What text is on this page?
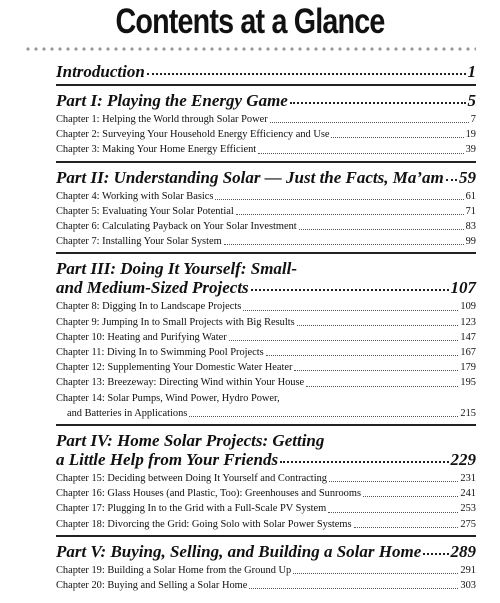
Contents at a Glance
Introduction	1
Part I: Playing the Energy Game	5
Chapter 1: Helping the World through Solar Power	7
Chapter 2: Surveying Your Household Energy Efficiency and Use	19
Chapter 3: Making Your Home Energy Efficient	39
Part II: Understanding Solar — Just the Facts, Ma’am 59
Chapter 4: Working with Solar Basics	61
Chapter 5: Evaluating Your Solar Potential	71
Chapter 6: Calculating Payback on Your Solar Investment	83
Chapter 7: Installing Your Solar System	99
Part III: Doing It Yourself: Small-
and Medium-Sized Projects	107
Chapter 8: Digging In to Landscape Projects	109
Chapter 9: Jumping In to Small Projects with Big Results	123
Chapter 10: Heating and Purifying Water	147
Chapter 11: Diving In to Swimming Pool Projects	167
Chapter 12: Supplementing Your Domestic Water Heater	179
Chapter 13: Breezeway: Directing Wind within Your House	195
Chapter 14: Solar Pumps, Wind Power, Hydro Power,
and Batteries in Applications	215
Part IV: Home Solar Projects: Getting
a Little Help from Your Friends	229
Chapter 15: Deciding between Doing It Yourself and Contracting	231
Chapter 16: Glass Houses (and Plastic, Too): Greenhouses and Sunrooms	241
Chapter 17: Plugging In to the Grid with a Full-Scale PV System	253
Chapter 18: Divorcing the Grid: Going Solo with Solar Power Systems	275
Part V: Buying, Selling, and Building a Solar Home 289
Chapter 19: Building a Solar Home from the Ground Up	291
Chapter 20: Buying and Selling a Solar Home	303
